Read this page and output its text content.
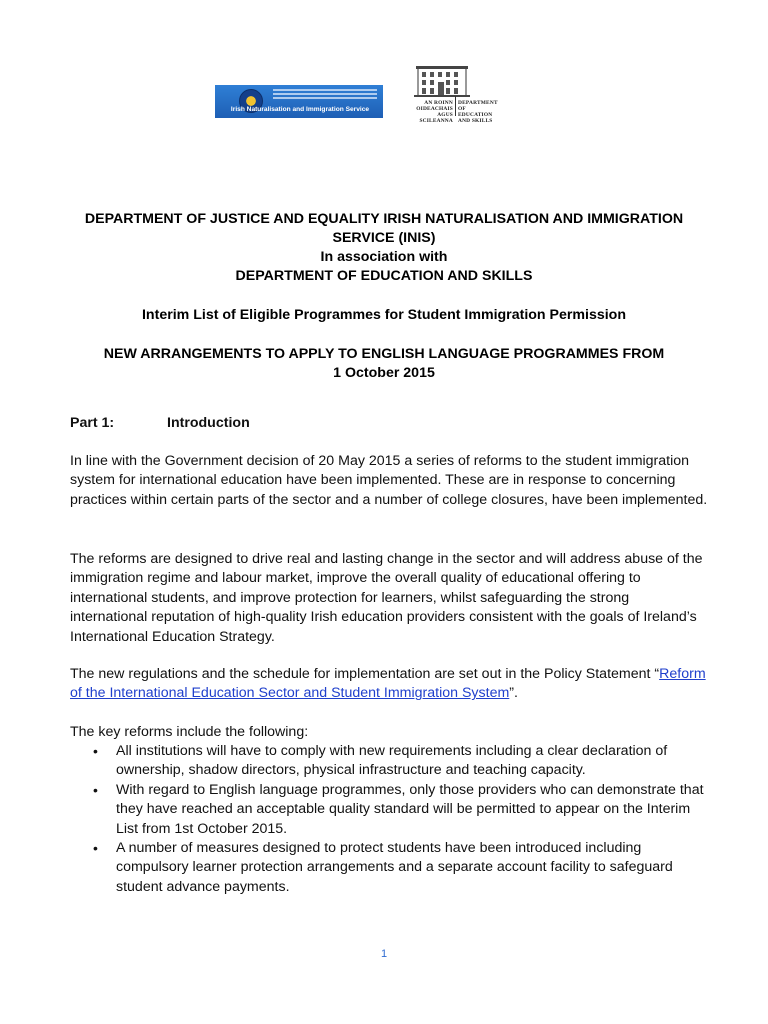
Irish Naturalisation and Immigration Service
AN ROINN
OIDEACHAIS
AGUS SCILEANNA
DEPARTMENT OF
EDUCATION
AND SKILLS
DEPARTMENT OF JUSTICE AND EQUALITY IRISH NATURALISATION AND IMMIGRATION
SERVICE (INIS)
In association with
DEPARTMENT OF EDUCATION AND SKILLS
Interim List of Eligible Programmes for Student Immigration Permission
NEW ARRANGEMENTS TO APPLY TO ENGLISH LANGUAGE PROGRAMMES FROM
1 October 2015
Part 1:	Introduction
In line with the Government decision of 20 May 2015 a series of reforms to the student immigration system for international education have been implemented. These are in response to concerning practices within certain parts of the sector and a number of college closures, have been implemented.
The reforms are designed to drive real and lasting change in the sector and will address abuse of the immigration regime and labour market, improve the overall quality of educational offering to international students, and improve protection for learners, whilst safeguarding the strong international reputation of high-quality Irish education providers consistent with the goals of Ireland’s International Education Strategy.
The new regulations and the schedule for implementation are set out in the Policy Statement “Reform of the International Education Sector and Student Immigration System”.
The key reforms include the following:
• All institutions will have to comply with new requirements including a clear declaration of ownership, shadow directors, physical infrastructure and teaching capacity.
• With regard to English language programmes, only those providers who can demonstrate that they have reached an acceptable quality standard will be permitted to appear on the Interim List from 1st October 2015.
• A number of measures designed to protect students have been introduced including compulsory learner protection arrangements and a separate account facility to safeguard student advance payments.
1
